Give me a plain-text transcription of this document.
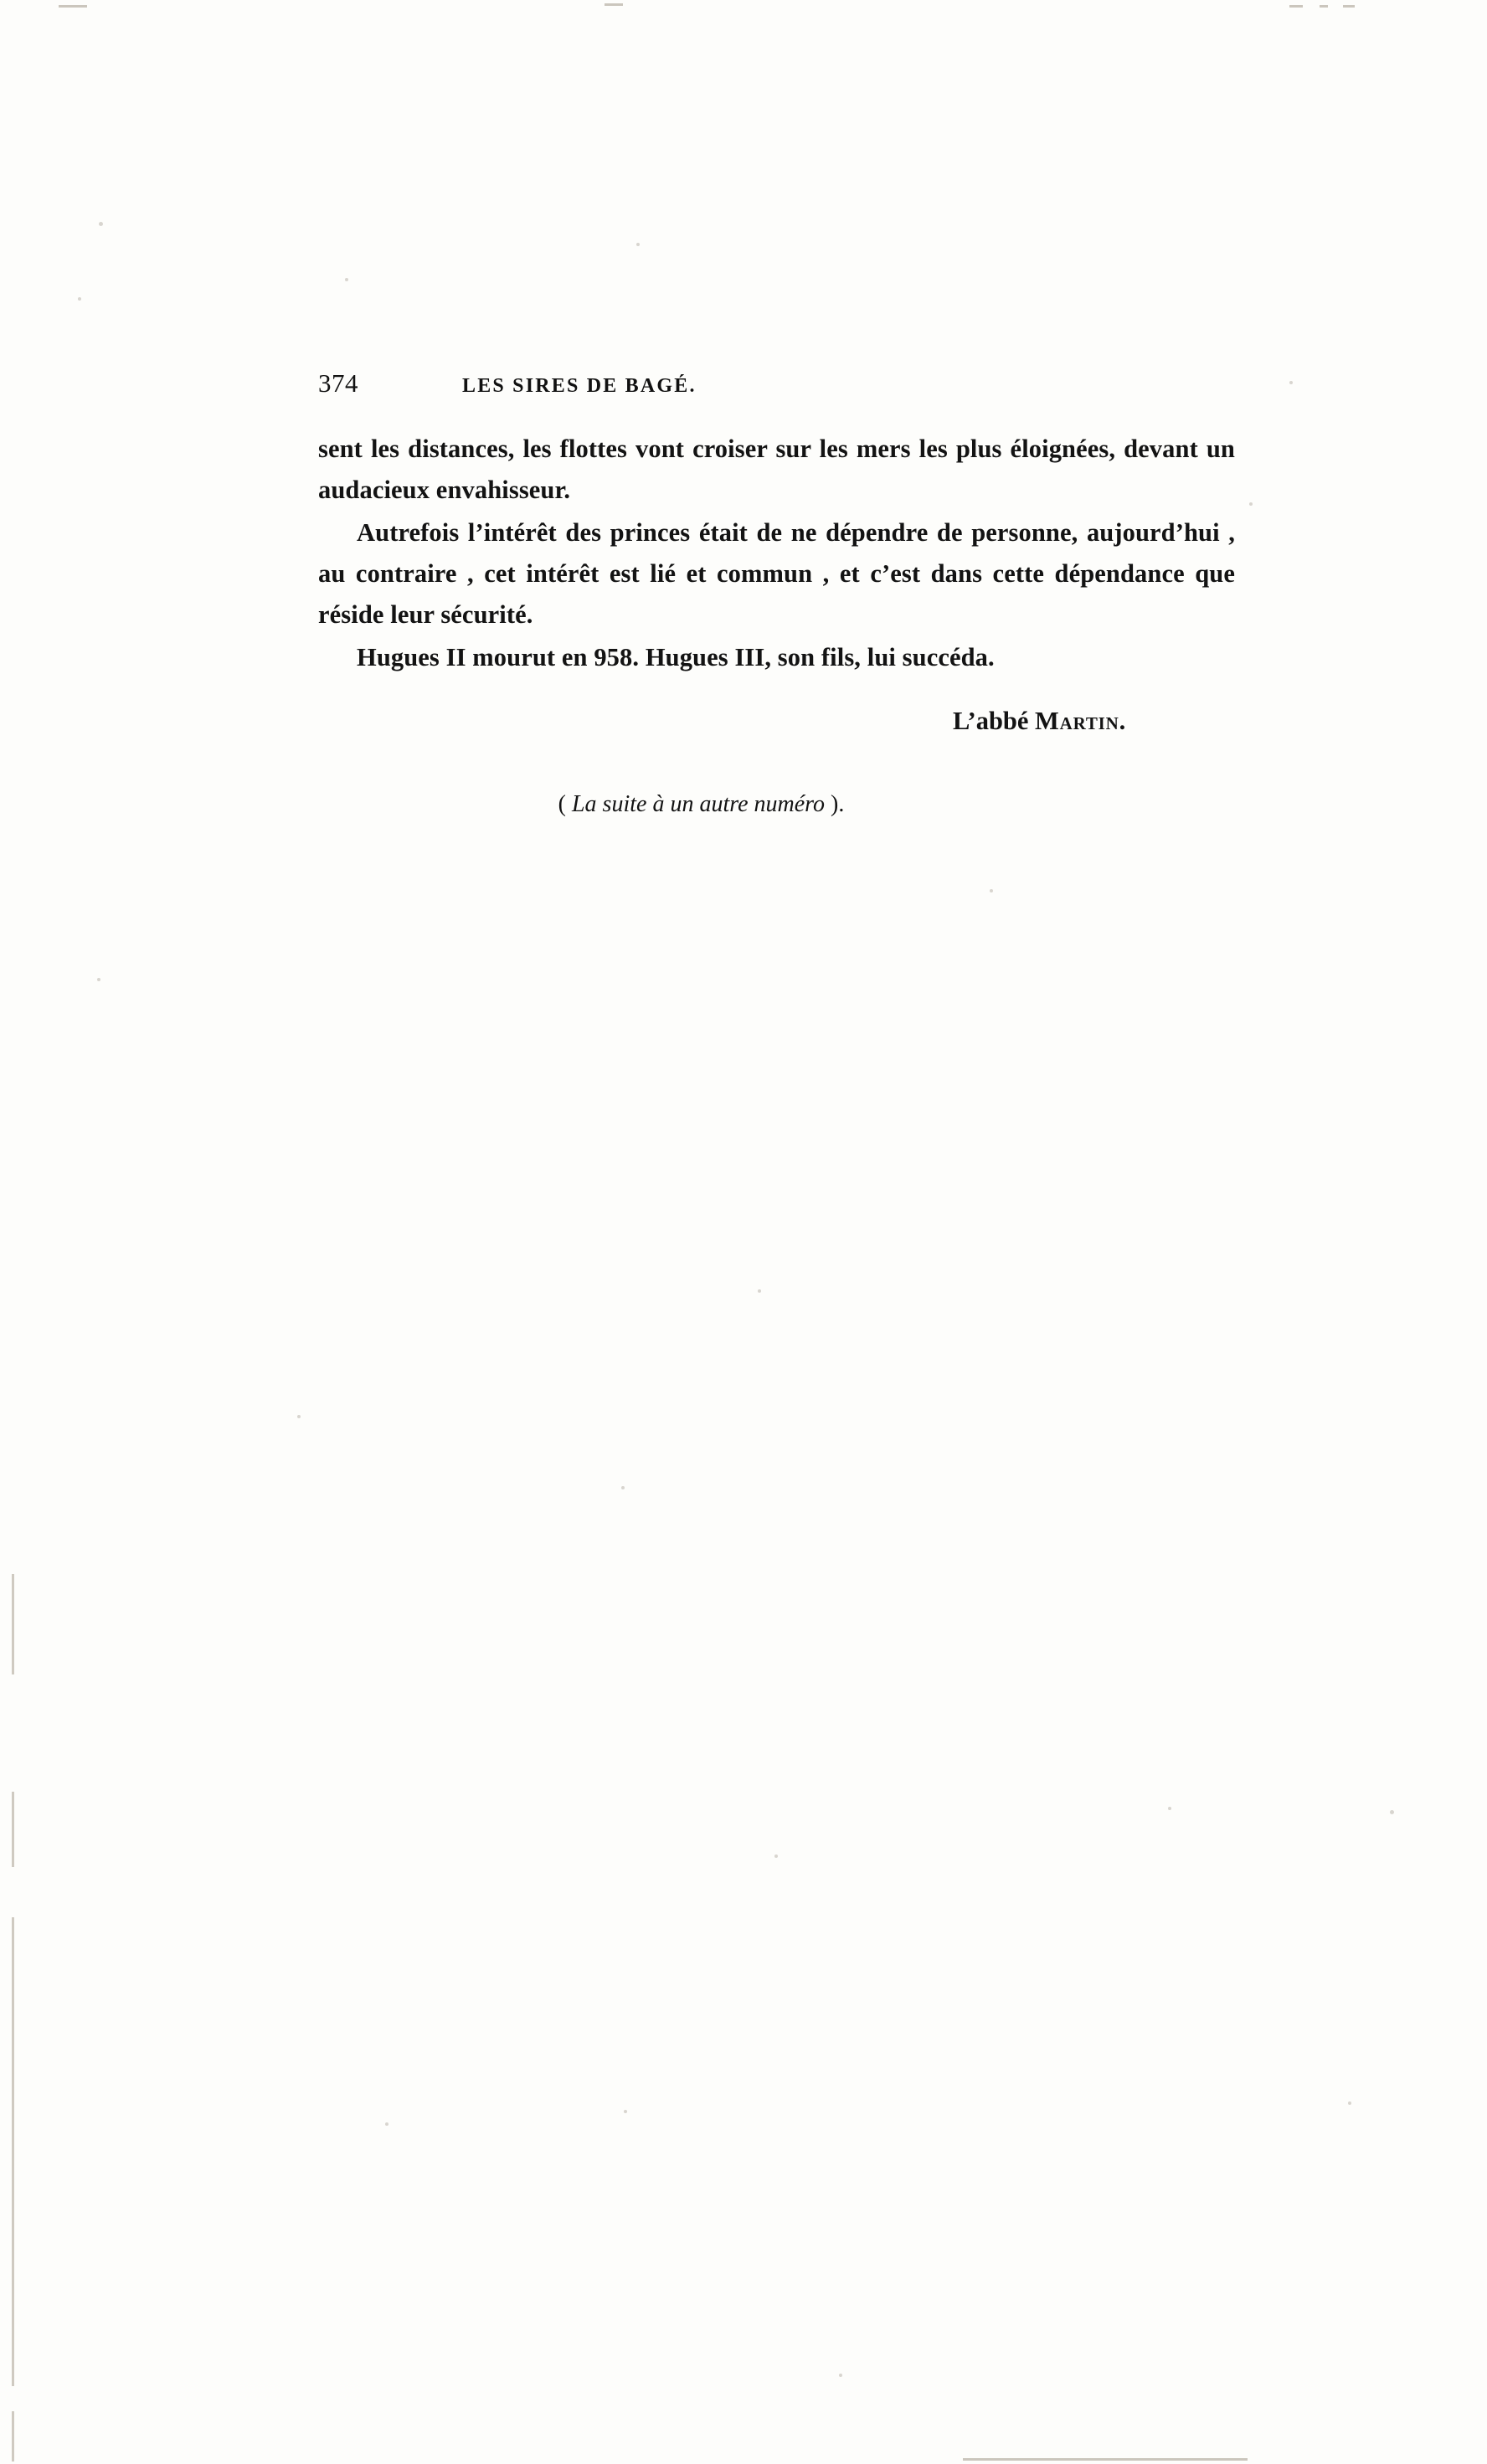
374	LES SIRES DE BAGÉ.

sent les distances, les flottes vont croiser sur les mers les plus éloignées, devant un audacieux envahisseur.

Autrefois l’intérêt des princes était de ne dépendre de personne, aujourd’hui , au contraire , cet intérêt est lié et commun , et c’est dans cette dépendance que réside leur sécurité.

Hugues II mourut en 958. Hugues III, son fils, lui succéda.

L’abbé Martin.
( La suite à un autre numéro ).
